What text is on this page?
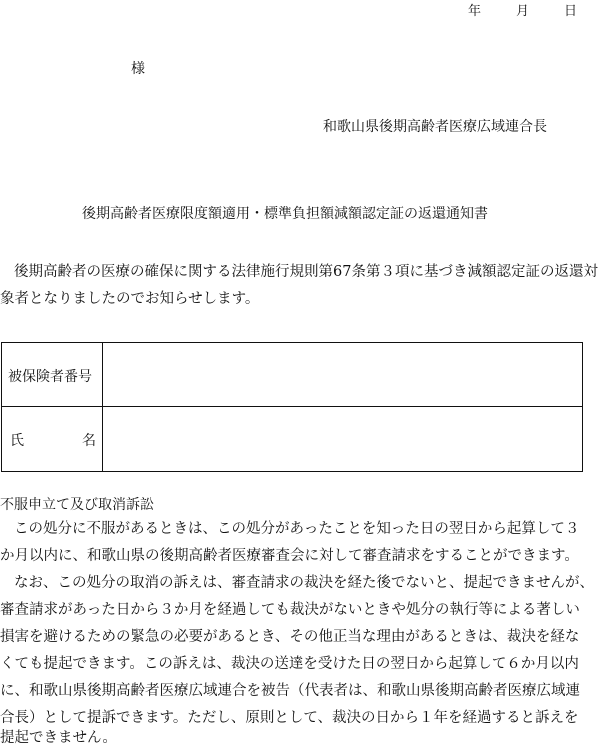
年	月	日
様
和歌山県後期高齢者医療広域連合長
後期高齢者医療限度額適用・標準負担額減額認定証の返還通知書
後期高齢者の医療の確保に関する法律施行規則第67条第３項に基づき減額認定証の返還対
象者となりましたのでお知らせします。
被保険者番号
氏	名
不服申立て及び取消訴訟
この処分に不服があるときは、この処分があったことを知った日の翌日から起算して３
か月以内に、和歌山県の後期高齢者医療審査会に対して審査請求をすることができます。
なお、この処分の取消の訴えは、審査請求の裁決を経た後でないと、提起できませんが、
審査請求があった日から３か月を経過しても裁決がないときや処分の執行等による著しい
損害を避けるための緊急の必要があるとき、その他正当な理由があるときは、裁決を経な
くても提起できます。この訴えは、裁決の送達を受けた日の翌日から起算して６か月以内
に、和歌山県後期高齢者医療広域連合を被告（代表者は、和歌山県後期高齢者医療広域連
合長）として提訴できます。ただし、原則として、裁決の日から１年を経過すると訴えを
提起できません。
